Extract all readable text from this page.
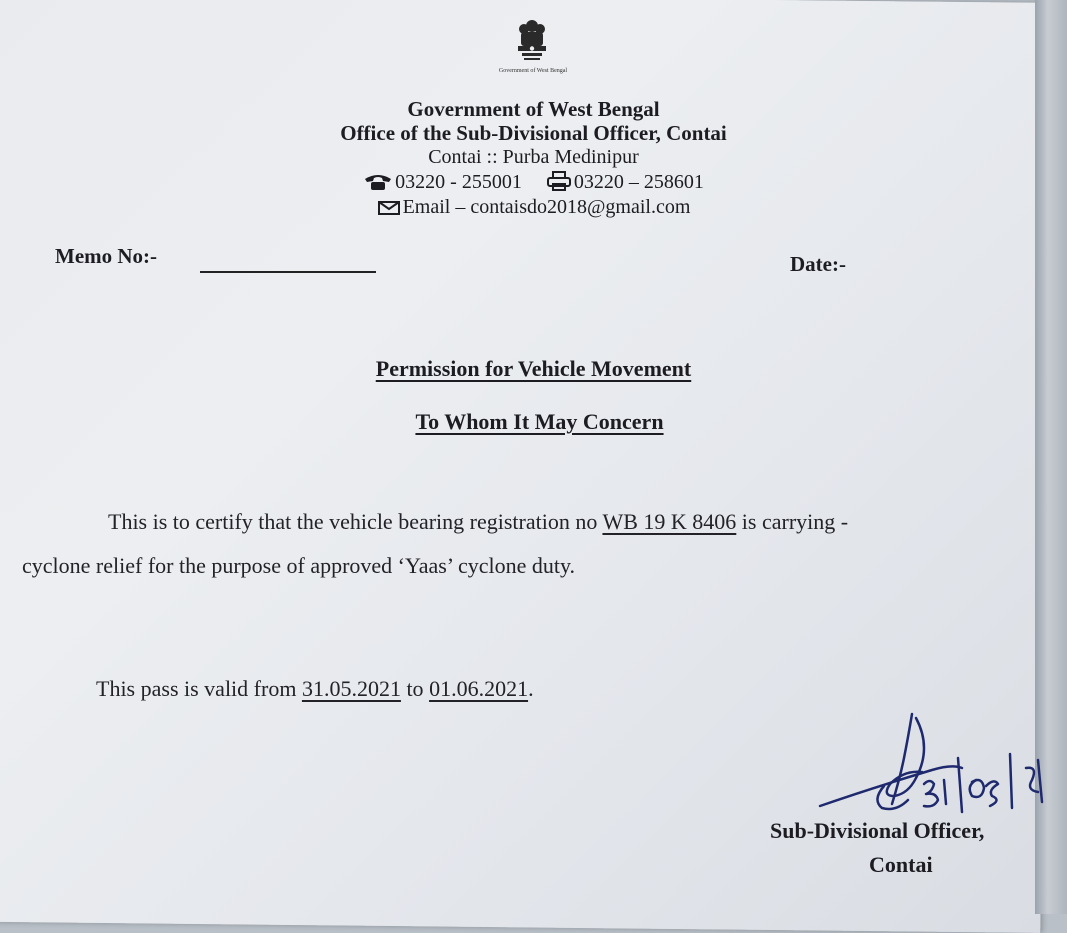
Government of West Bengal
Government of West Bengal
Office of the Sub-Divisional Officer, Contai
Contai :: Purba Medinipur
03220 - 255001	03220 – 258601
Email – contaisdo2018@gmail.com
Memo No:-	Date:-
Permission for Vehicle Movement
To Whom It May Concern
This is to certify that the vehicle bearing registration no WB 19 K 8406 is carrying -
cyclone relief for the purpose of approved ‘Yaas’ cyclone duty.
This pass is valid from 31.05.2021 to 01.06.2021.
Sub-Divisional Officer,
Contai
